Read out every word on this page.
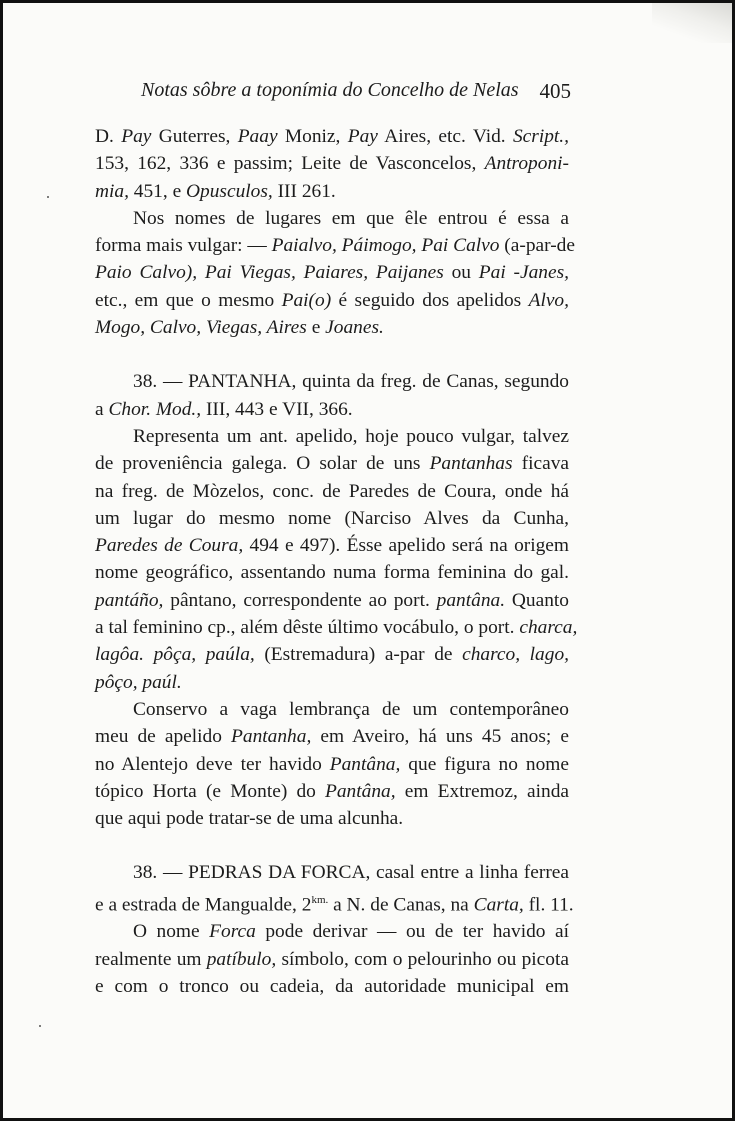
Notas sôbre a toponímia do Concelho de Nelas 405

D. Pay Guterres, Paay Moniz, Pay Aires, etc. Vid. Script.,
153, 162, 336 e passim; Leite de Vasconcelos, Antroponi-
mia, 451, e Opusculos, III 261.

Nos nomes de lugares em que êle entrou é essa a
forma mais vulgar: — Paialvo, Páimogo, Pai Calvo (a-par-de
Paio Calvo), Pai Viegas, Paiares, Paijanes ou Pai -Janes,
etc., em que o mesmo Pai(o) é seguido dos apelidos Alvo,
Mogo, Calvo, Viegas, Aires e Joanes.

38. — PANTANHA, quinta da freg. de Canas, segundo
a Chor. Mod., III, 443 e VII, 366.

Representa um ant. apelido, hoje pouco vulgar, talvez
de proveniência galega. O solar de uns Pantanhas ficava
na freg. de Mòzelos, conc. de Paredes de Coura, onde há
um lugar do mesmo nome (Narciso Alves da Cunha,
Paredes de Coura, 494 e 497). Ésse apelido será na origem
nome geográfico, assentando numa forma feminina do gal.
pantáño, pântano, correspondente ao port. pantâna. Quanto
a tal feminino cp., além dêste último vocábulo, o port. charca,
lagôa. pôça, paúla, (Estremadura) a-par de charco, lago,
pôço, paúl.

Conservo a vaga lembrança de um contemporâneo
meu de apelido Pantanha, em Aveiro, há uns 45 anos; e
no Alentejo deve ter havido Pantâna, que figura no nome
tópico Horta (e Monte) do Pantâna, em Extremoz, ainda
que aqui pode tratar-se de uma alcunha.

38. — PEDRAS DA FORCA, casal entre a linha ferrea
e a estrada de Mangualde, $2^{km.}$ a N. de Canas, na Carta, fl. 11.

O nome Forca pode derivar — ou de ter havido aí
realmente um patíbulo, símbolo, com o pelourinho ou picota
e com o tronco ou cadeia, da autoridade municipal em
